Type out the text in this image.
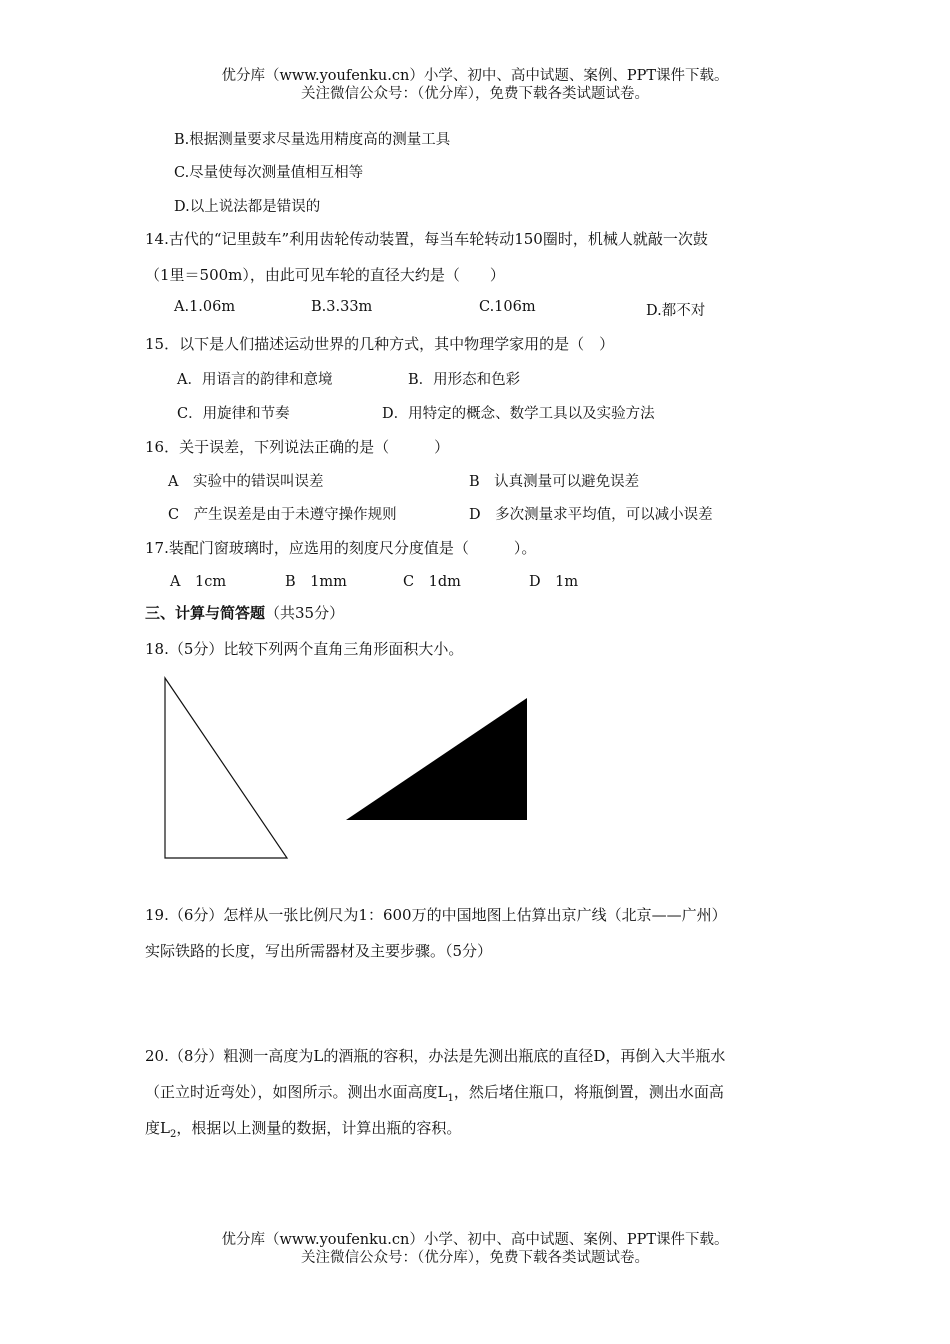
优分库（www.youfenku.cn）小学、初中、高中试题、案例、PPT课件下载。
关注微信公众号：（优分库），免费下载各类试题试卷。
B.根据测量要求尽量选用精度高的测量工具
C.尽量使每次测量值相互相等
D.以上说法都是错误的
14.古代的“记里鼓车”利用齿轮传动装置，每当车轮转动150圈时，机械人就敲一次鼓
（1里＝500m），由此可见车轮的直径大约是（　　）
A.1.06m	B.3.33m	C.106m	D.都不对
15．以下是人们描述运动世界的几种方式，其中物理学家用的是（　）
A．用语言的韵律和意境	B．用形态和色彩
C．用旋律和节奏	D．用特定的概念、数学工具以及实验方法
16．关于误差，下列说法正确的是（　　　）
A　实验中的错误叫误差	B　认真测量可以避免误差
C　产生误差是由于未遵守操作规则	D　多次测量求平均值，可以减小误差
17.装配门窗玻璃时，应选用的刻度尺分度值是（　　　）。
A　1cm	B　1mm	C　1dm	D　1m
三、计算与简答题（共35分）
18.（5分）比较下列两个直角三角形面积大小。
19.（6分）怎样从一张比例尺为1：600万的中国地图上估算出京广线（北京——广州）
实际铁路的长度，写出所需器材及主要步骤。（5分）
20.（8分）粗测一高度为L的酒瓶的容积，办法是先测出瓶底的直径D，再倒入大半瓶水
（正立时近弯处），如图所示。测出水面高度$L_1$，然后堵住瓶口，将瓶倒置，测出水面高
度$L_2$，根据以上测量的数据，计算出瓶的容积。
优分库（www.youfenku.cn）小学、初中、高中试题、案例、PPT课件下载。
关注微信公众号：（优分库），免费下载各类试题试卷。
